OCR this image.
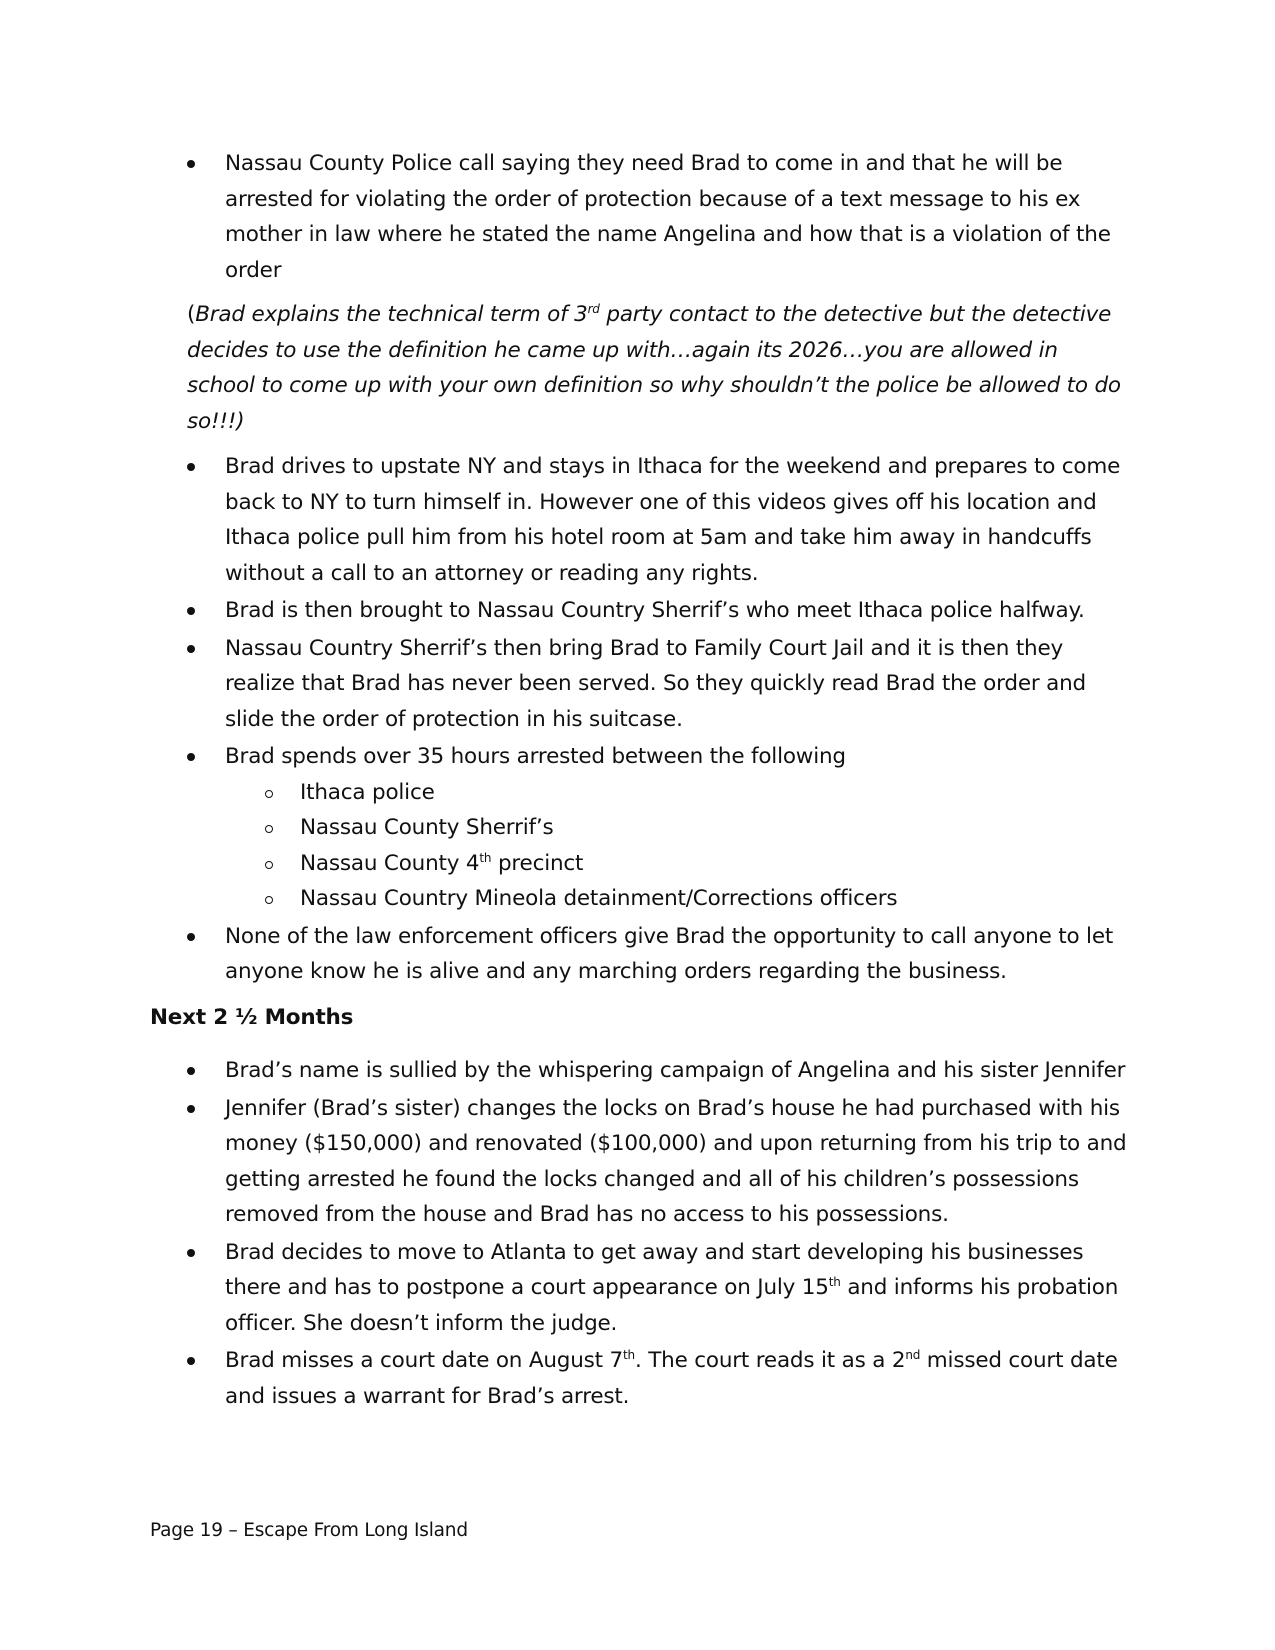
Nassau County Police call saying they need Brad to come in and that he will be arrested for violating the order of protection because of a text message to his ex mother in law where he stated the name Angelina and how that is a violation of the order

(Brad explains the technical term of 3rd party contact to the detective but the detective decides to use the definition he came up with…again its 2026…you are allowed in school to come up with your own definition so why shouldn’t the police be allowed to do so!!!)

Brad drives to upstate NY and stays in Ithaca for the weekend and prepares to come back to NY to turn himself in. However one of this videos gives off his location and Ithaca police pull him from his hotel room at 5am and take him away in handcuffs without a call to an attorney or reading any rights.
Brad is then brought to Nassau Country Sherrif’s who meet Ithaca police halfway.
Nassau Country Sherrif’s then bring Brad to Family Court Jail and it is then they realize that Brad has never been served. So they quickly read Brad the order and slide the order of protection in his suitcase.
Brad spends over 35 hours arrested between the following
Ithaca police
Nassau County Sherrif’s
Nassau County 4th precinct
Nassau Country Mineola detainment/Corrections officers
None of the law enforcement officers give Brad the opportunity to call anyone to let anyone know he is alive and any marching orders regarding the business.

Next 2 ½ Months

Brad’s name is sullied by the whispering campaign of Angelina and his sister Jennifer
Jennifer (Brad’s sister) changes the locks on Brad’s house he had purchased with his money ($150,000) and renovated ($100,000) and upon returning from his trip to and getting arrested he found the locks changed and all of his children’s possessions removed from the house and Brad has no access to his possessions.
Brad decides to move to Atlanta to get away and start developing his businesses there and has to postpone a court appearance on July 15th and informs his probation officer. She doesn’t inform the judge.
Brad misses a court date on August 7th. The court reads it as a 2nd missed court date and issues a warrant for Brad’s arrest.
Page 19 – Escape From Long Island
